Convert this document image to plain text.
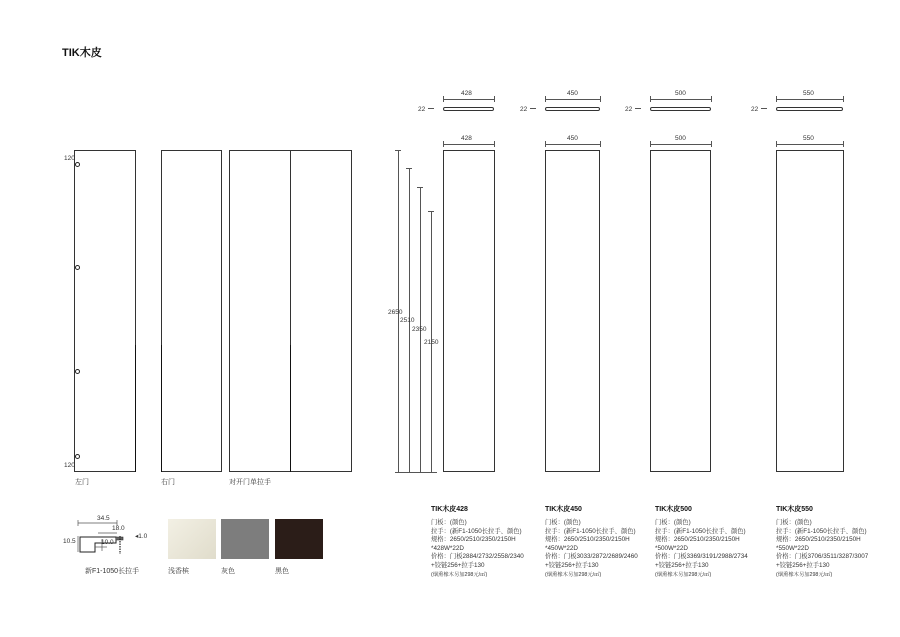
TIK木皮
120
120
左门	右门	对开门单拉手
2650
2510
2350
2150
428
22
428
TIK木皮428
门板：(颜色)
拉手：(新F1-1050长拉手、颜色)
规格：2650/2510/2350/2150H
*428W*22D
价格：门板2884/2732/2558/2340
+铰链256+拉手130
(烟熏橡木另加298元/㎡)
450
22
450
TIK木皮450
门板：(颜色)
拉手：(新F1-1050长拉手、颜色)
规格：2650/2510/2350/2150H
*450W*22D
价格：门板3033/2872/2689/2460
+铰链256+拉手130
(烟熏橡木另加298元/㎡)
500
22
500
TIK木皮500
门板：(颜色)
拉手：(新F1-1050长拉手、颜色)
规格：2650/2510/2350/2150H
*500W*22D
价格：门板3369/3191/2988/2734
+铰链256+拉手130
(烟熏橡木另加298元/㎡)
550
22
550
TIK木皮550
门板：(颜色)
拉手：(新F1-1050长拉手、颜色)
规格：2650/2510/2350/2150H
*550W*22D
价格：门板3706/3511/3287/3007
+铰链256+拉手130
(烟熏橡木另加298元/㎡)
34.5
18.0
10.5	10.0
◂1.0
新F1-1050长拉手	浅香槟	灰色	黑色
